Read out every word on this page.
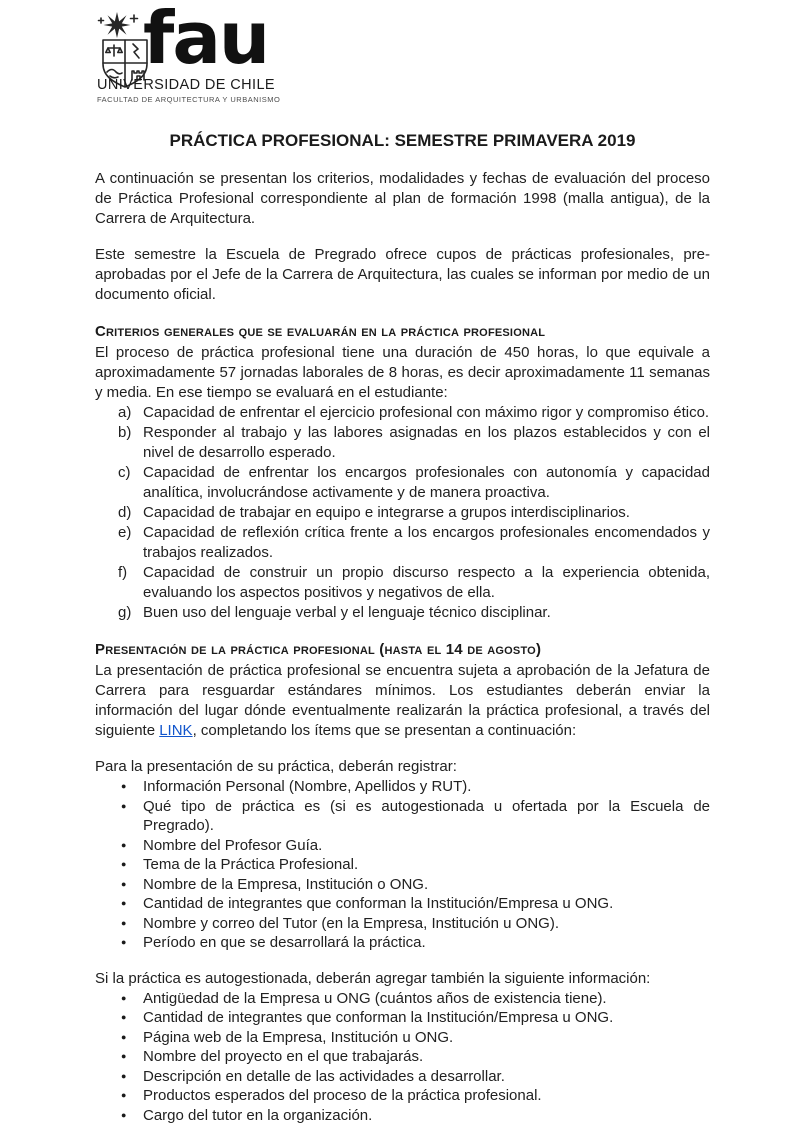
fau
UNIVERSIDAD DE CHILE
FACULTAD DE ARQUITECTURA Y URBANISMO
PRÁCTICA PROFESIONAL: SEMESTRE PRIMAVERA 2019

A continuación se presentan los criterios, modalidades y fechas de evaluación del proceso de Práctica Profesional correspondiente al plan de formación 1998 (malla antigua), de la Carrera de Arquitectura.

Este semestre la Escuela de Pregrado ofrece cupos de prácticas profesionales, pre-aprobadas por el Jefe de la Carrera de Arquitectura, las cuales se informan por medio de un documento oficial.

Criterios generales que se evaluarán en la práctica profesional

El proceso de práctica profesional tiene una duración de 450 horas, lo que equivale a aproximadamente 57 jornadas laborales de 8 horas, es decir aproximadamente 11 semanas y media. En ese tiempo se evaluará en el estudiante:

a) Capacidad de enfrentar el ejercicio profesional con máximo rigor y compromiso ético.
b) Responder al trabajo y las labores asignadas en los plazos establecidos y con el nivel de desarrollo esperado.
c) Capacidad de enfrentar los encargos profesionales con autonomía y capacidad analítica, involucrándose activamente y de manera proactiva.
d) Capacidad de trabajar en equipo e integrarse a grupos interdisciplinarios.
e) Capacidad de reflexión crítica frente a los encargos profesionales encomendados y trabajos realizados.
f)	Capacidad de construir un propio discurso respecto a la experiencia obtenida, evaluando los aspectos positivos y negativos de ella.
g) Buen uso del lenguaje verbal y el lenguaje técnico disciplinar.
Presentación de la práctica profesional (hasta el 14 de agosto)

La presentación de práctica profesional se encuentra sujeta a aprobación de la Jefatura de Carrera para resguardar estándares mínimos. Los estudiantes deberán enviar la información del lugar dónde eventualmente realizarán la práctica profesional, a través del siguiente LINK, completando los ítems que se presentan a continuación:

Para la presentación de su práctica, deberán registrar:

● Información Personal (Nombre, Apellidos y RUT).
● Qué tipo de práctica es (si es autogestionada u ofertada por la Escuela de Pregrado).
● Nombre del Profesor Guía.
● Tema de la Práctica Profesional.
● Nombre de la Empresa, Institución o ONG.
● Cantidad de integrantes que conforman la Institución/Empresa u ONG.
● Nombre y correo del Tutor (en la Empresa, Institución u ONG).
● Período en que se desarrollará la práctica.

Si la práctica es autogestionada, deberán agregar también la siguiente información:

● Antigüedad de la Empresa u ONG (cuántos años de existencia tiene).
● Cantidad de integrantes que conforman la Institución/Empresa u ONG.
● Página web de la Empresa, Institución u ONG.
● Nombre del proyecto en el que trabajarás.
● Descripción en detalle de las actividades a desarrollar.
● Productos esperados del proceso de la práctica profesional.
● Cargo del tutor en la organización.
